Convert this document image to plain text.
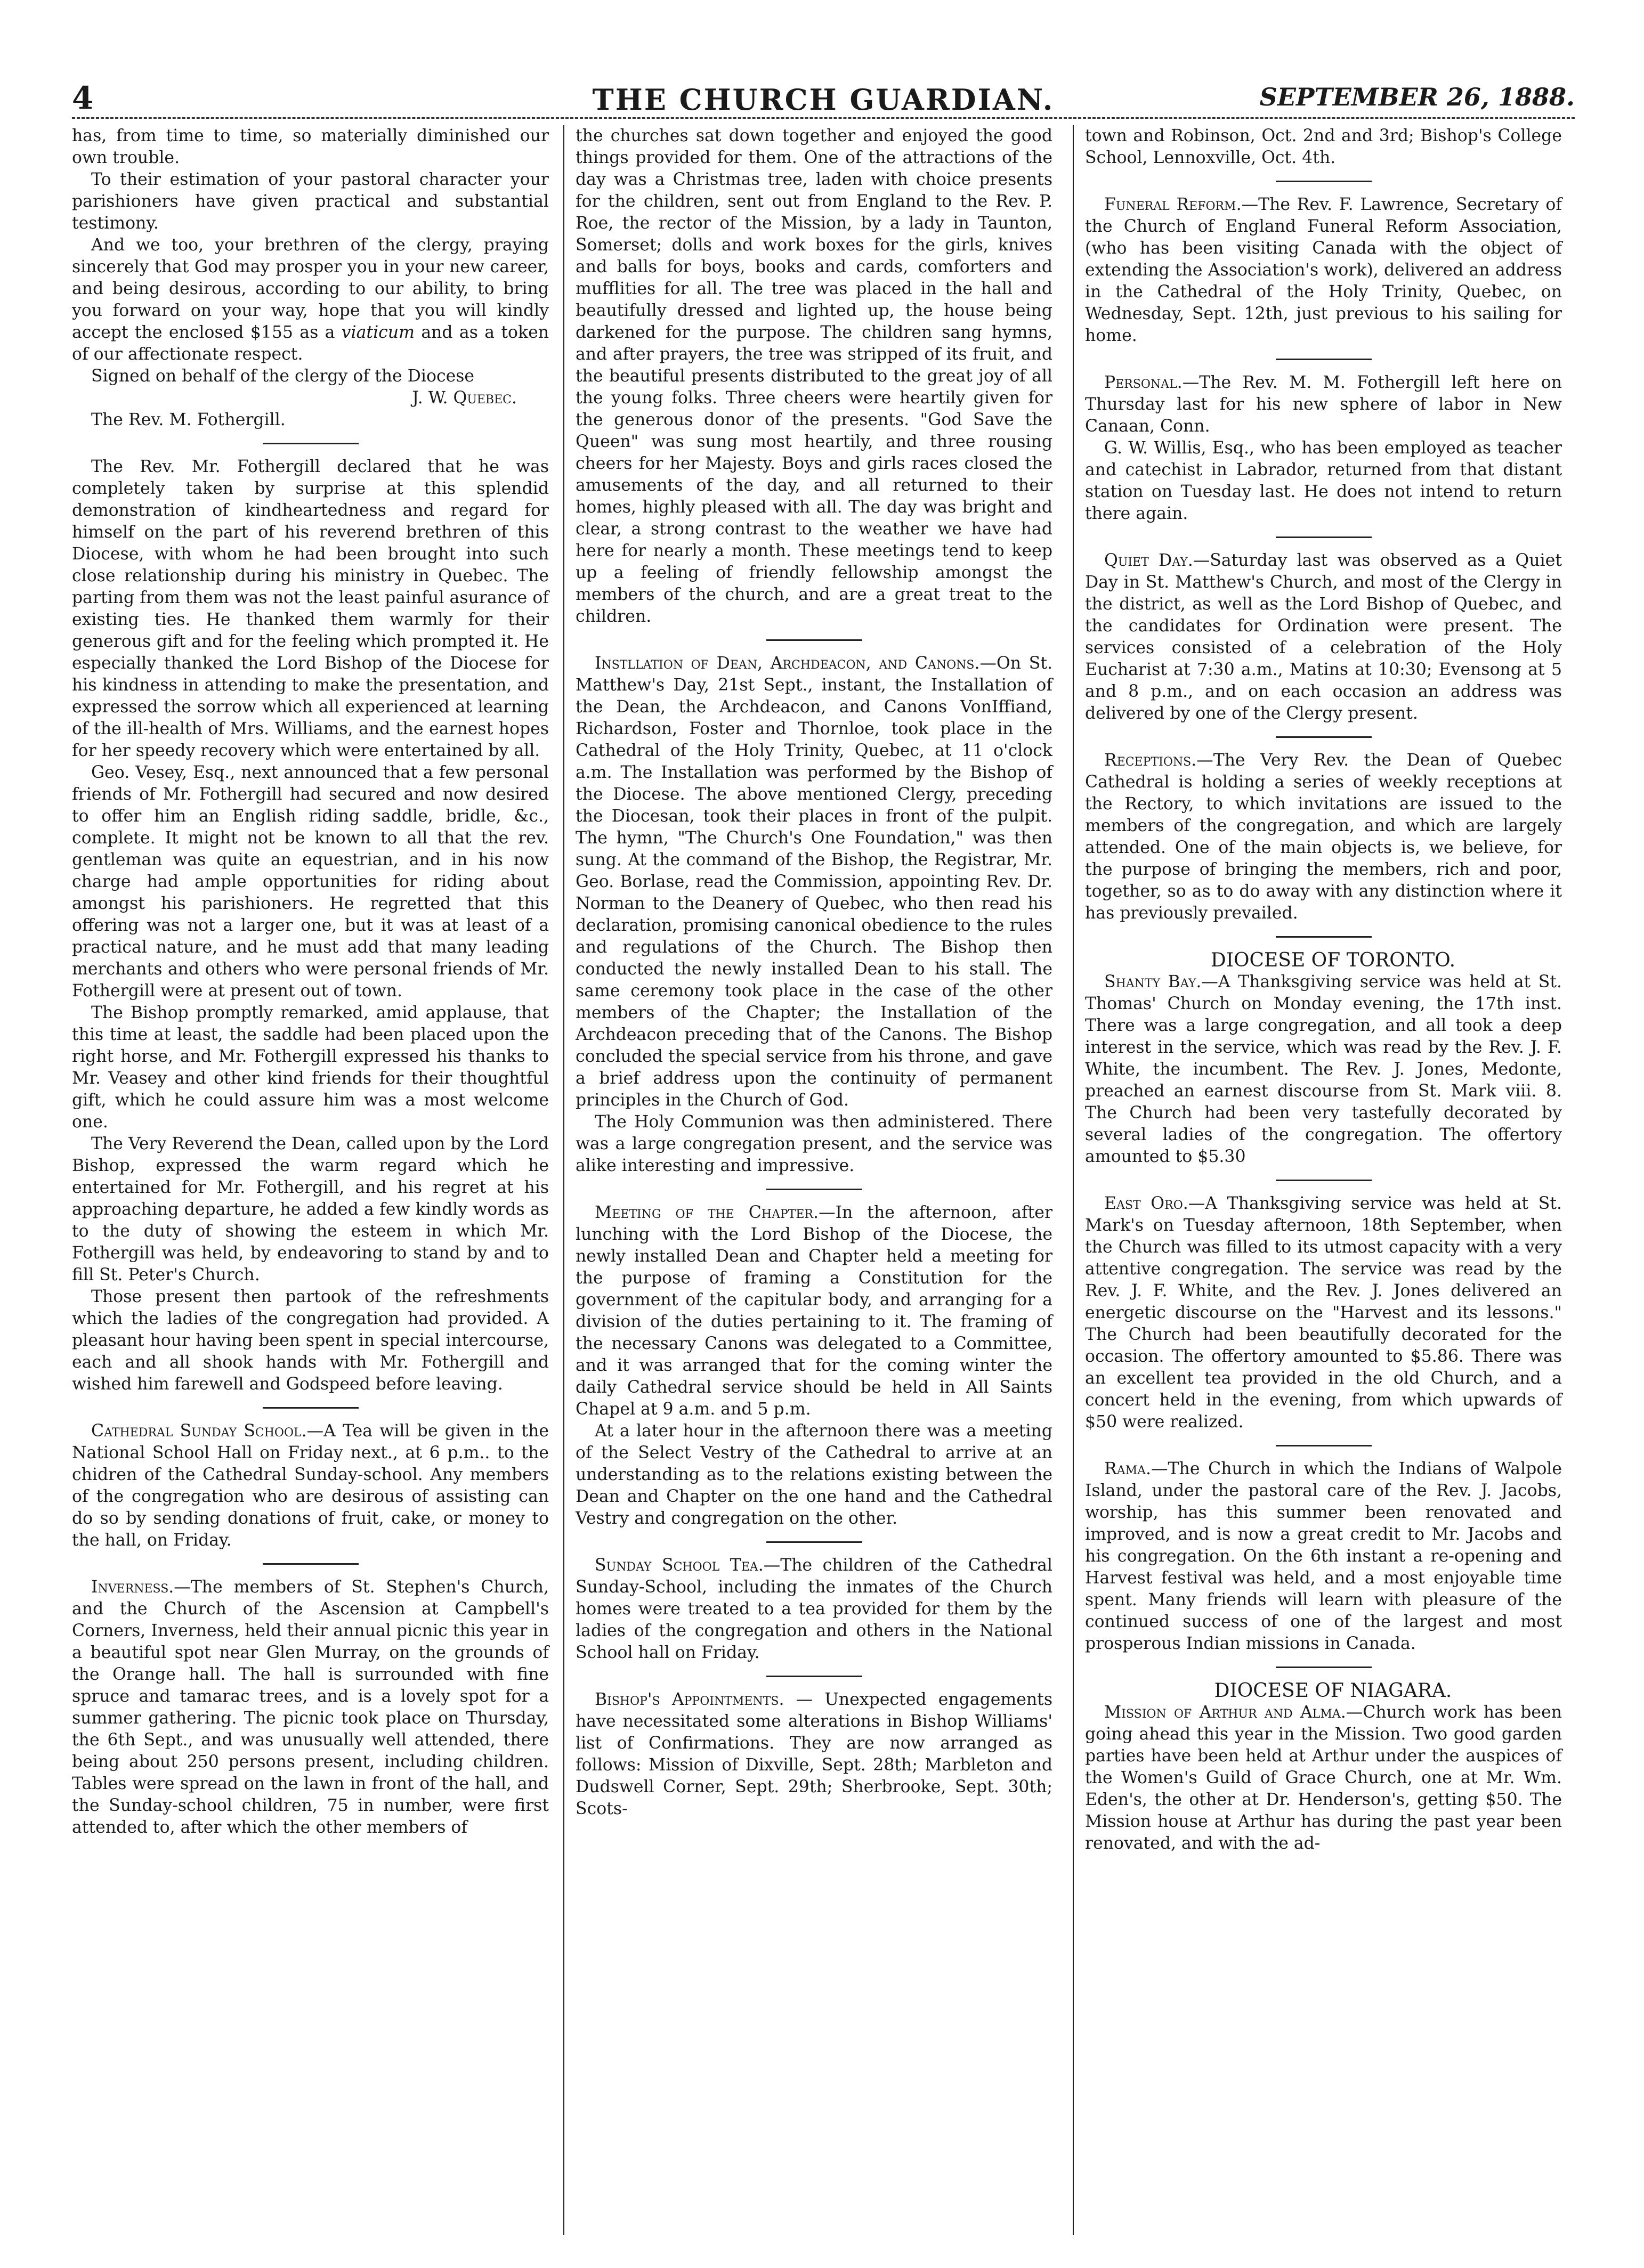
4	THE CHURCH GUARDIAN.	SEPTEMBER 26, 1888.

has, from time to time, so materially diminished our own trouble.

To their estimation of your pastoral character your parishioners have given practical and substantial testimony.

And we too, your brethren of the clergy, praying sincerely that God may prosper you in your new career, and being desirous, according to our ability, to bring you forward on your way, hope that you will kindly accept the enclosed $155 as a viaticum and as a token of our affectionate respect.

Signed on behalf of the clergy of the Diocese

J. W. Quebec.

The Rev. M. Fothergill.

The Rev. Mr. Fothergill declared that he was completely taken by surprise at this splendid demonstration of kindheartedness and regard for himself on the part of his reverend brethren of this Diocese, with whom he had been brought into such close relationship during his ministry in Quebec. The parting from them was not the least painful asurance of existing ties. He thanked them warmly for their generous gift and for the feeling which prompted it. He especially thanked the Lord Bishop of the Diocese for his kindness in attending to make the presentation, and expressed the sorrow which all experienced at learning of the ill-health of Mrs. Williams, and the earnest hopes for her speedy recovery which were entertained by all.

Geo. Vesey, Esq., next announced that a few personal friends of Mr. Fothergill had secured and now desired to offer him an English riding saddle, bridle, &c., complete. It might not be known to all that the rev. gentleman was quite an equestrian, and in his now charge had ample opportunities for riding about amongst his parishioners. He regretted that this offering was not a larger one, but it was at least of a practical nature, and he must add that many leading merchants and others who were personal friends of Mr. Fothergill were at present out of town.

The Bishop promptly remarked, amid applause, that this time at least, the saddle had been placed upon the right horse, and Mr. Fothergill expressed his thanks to Mr. Veasey and other kind friends for their thoughtful gift, which he could assure him was a most welcome one.

The Very Reverend the Dean, called upon by the Lord Bishop, expressed the warm regard which he entertained for Mr. Fothergill, and his regret at his approaching departure, he added a few kindly words as to the duty of showing the esteem in which Mr. Fothergill was held, by endeavoring to stand by and to fill St. Peter's Church.

Those present then partook of the refreshments which the ladies of the congregation had provided. A pleasant hour having been spent in special intercourse, each and all shook hands with Mr. Fothergill and wished him farewell and Godspeed before leaving.

Cathedral Sunday School.—A Tea will be given in the National School Hall on Friday next., at 6 p.m.. to the chidren of the Cathedral Sunday-school. Any members of the congregation who are desirous of assisting can do so by sending donations of fruit, cake, or money to the hall, on Friday.

Inverness.—The members of St. Stephen's Church, and the Church of the Ascension at Campbell's Corners, Inverness, held their annual picnic this year in a beautiful spot near Glen Murray, on the grounds of the Orange hall. The hall is surrounded with fine spruce and tamarac trees, and is a lovely spot for a summer gathering. The picnic took place on Thursday, the 6th Sept., and was unusually well attended, there being about 250 persons present, including children. Tables were spread on the lawn in front of the hall, and the Sunday-school children, 75 in number, were first attended to, after which the other members of

the churches sat down together and enjoyed the good things provided for them. One of the attractions of the day was a Christmas tree, laden with choice presents for the children, sent out from England to the Rev. P. Roe, the rector of the Mission, by a lady in Taunton, Somerset; dolls and work boxes for the girls, knives and balls for boys, books and cards, comforters and mufflities for all. The tree was placed in the hall and beautifully dressed and lighted up, the house being darkened for the purpose. The children sang hymns, and after prayers, the tree was stripped of its fruit, and the beautiful presents distributed to the great joy of all the young folks. Three cheers were heartily given for the generous donor of the presents. "God Save the Queen" was sung most heartily, and three rousing cheers for her Majesty. Boys and girls races closed the amusements of the day, and all returned to their homes, highly pleased with all. The day was bright and clear, a strong contrast to the weather we have had here for nearly a month. These meetings tend to keep up a feeling of friendly fellowship amongst the members of the church, and are a great treat to the children.

Instllation of Dean, Archdeacon, and Canons.—On St. Matthew's Day, 21st Sept., instant, the Installation of the Dean, the Archdeacon, and Canons VonIffiand, Richardson, Foster and Thornloe, took place in the Cathedral of the Holy Trinity, Quebec, at 11 o'clock a.m. The Installation was performed by the Bishop of the Diocese. The above mentioned Clergy, preceding the Diocesan, took their places in front of the pulpit. The hymn, "The Church's One Foundation," was then sung. At the command of the Bishop, the Registrar, Mr. Geo. Borlase, read the Commission, appointing Rev. Dr. Norman to the Deanery of Quebec, who then read his declaration, promising canonical obedience to the rules and regulations of the Church. The Bishop then conducted the newly installed Dean to his stall. The same ceremony took place in the case of the other members of the Chapter; the Installation of the Archdeacon preceding that of the Canons. The Bishop concluded the special service from his throne, and gave a brief address upon the continuity of permanent principles in the Church of God.

The Holy Communion was then administered. There was a large congregation present, and the service was alike interesting and impressive.

Meeting of the Chapter.—In the afternoon, after lunching with the Lord Bishop of the Diocese, the newly installed Dean and Chapter held a meeting for the purpose of framing a Constitution for the government of the capitular body, and arranging for a division of the duties pertaining to it. The framing of the necessary Canons was delegated to a Committee, and it was arranged that for the coming winter the daily Cathedral service should be held in All Saints Chapel at 9 a.m. and 5 p.m.

At a later hour in the afternoon there was a meeting of the Select Vestry of the Cathedral to arrive at an understanding as to the relations existing between the Dean and Chapter on the one hand and the Cathedral Vestry and congregation on the other.

Sunday School Tea.—The children of the Cathedral Sunday-School, including the inmates of the Church homes were treated to a tea provided for them by the ladies of the congregation and others in the National School hall on Friday.

Bishop's Appointments. — Unexpected engagements have necessitated some alterations in Bishop Williams' list of Confirmations. They are now arranged as follows: Mission of Dixville, Sept. 28th; Marbleton and Dudswell Corner, Sept. 29th; Sherbrooke, Sept. 30th; Scots-

town and Robinson, Oct. 2nd and 3rd; Bishop's College School, Lennoxville, Oct. 4th.

Funeral Reform.—The Rev. F. Lawrence, Secretary of the Church of England Funeral Reform Association, (who has been visiting Canada with the object of extending the Association's work), delivered an address in the Cathedral of the Holy Trinity, Quebec, on Wednesday, Sept. 12th, just previous to his sailing for home.

Personal.—The Rev. M. M. Fothergill left here on Thursday last for his new sphere of labor in New Canaan, Conn.

G. W. Willis, Esq., who has been employed as teacher and catechist in Labrador, returned from that distant station on Tuesday last. He does not intend to return there again.

Quiet Day.—Saturday last was observed as a Quiet Day in St. Matthew's Church, and most of the Clergy in the district, as well as the Lord Bishop of Quebec, and the candidates for Ordination were present. The services consisted of a celebration of the Holy Eucharist at 7:30 a.m., Matins at 10:30; Evensong at 5 and 8 p.m., and on each occasion an address was delivered by one of the Clergy present.

Receptions.—The Very Rev. the Dean of Quebec Cathedral is holding a series of weekly receptions at the Rectory, to which invitations are issued to the members of the congregation, and which are largely attended. One of the main objects is, we believe, for the purpose of bringing the members, rich and poor, together, so as to do away with any distinction where it has previously prevailed.

DIOCESE OF TORONTO.

Shanty Bay.—A Thanksgiving service was held at St. Thomas' Church on Monday evening, the 17th inst. There was a large congregation, and all took a deep interest in the service, which was read by the Rev. J. F. White, the incumbent. The Rev. J. Jones, Medonte, preached an earnest discourse from St. Mark viii. 8. The Church had been very tastefully decorated by several ladies of the congregation. The offertory amounted to $5.30

East Oro.—A Thanksgiving service was held at St. Mark's on Tuesday afternoon, 18th September, when the Church was filled to its utmost capacity with a very attentive congregation. The service was read by the Rev. J. F. White, and the Rev. J. Jones delivered an energetic discourse on the "Harvest and its lessons." The Church had been beautifully decorated for the occasion. The offertory amounted to $5.86. There was an excellent tea provided in the old Church, and a concert held in the evening, from which upwards of $50 were realized.

Rama.—The Church in which the Indians of Walpole Island, under the pastoral care of the Rev. J. Jacobs, worship, has this summer been renovated and improved, and is now a great credit to Mr. Jacobs and his congregation. On the 6th instant a re-opening and Harvest festival was held, and a most enjoyable time spent. Many friends will learn with pleasure of the continued success of one of the largest and most prosperous Indian missions in Canada.

DIOCESE OF NIAGARA.

Mission of Arthur and Alma.—Church work has been going ahead this year in the Mission. Two good garden parties have been held at Arthur under the auspices of the Women's Guild of Grace Church, one at Mr. Wm. Eden's, the other at Dr. Henderson's, getting $50. The Mission house at Arthur has during the past year been renovated, and with the ad-
